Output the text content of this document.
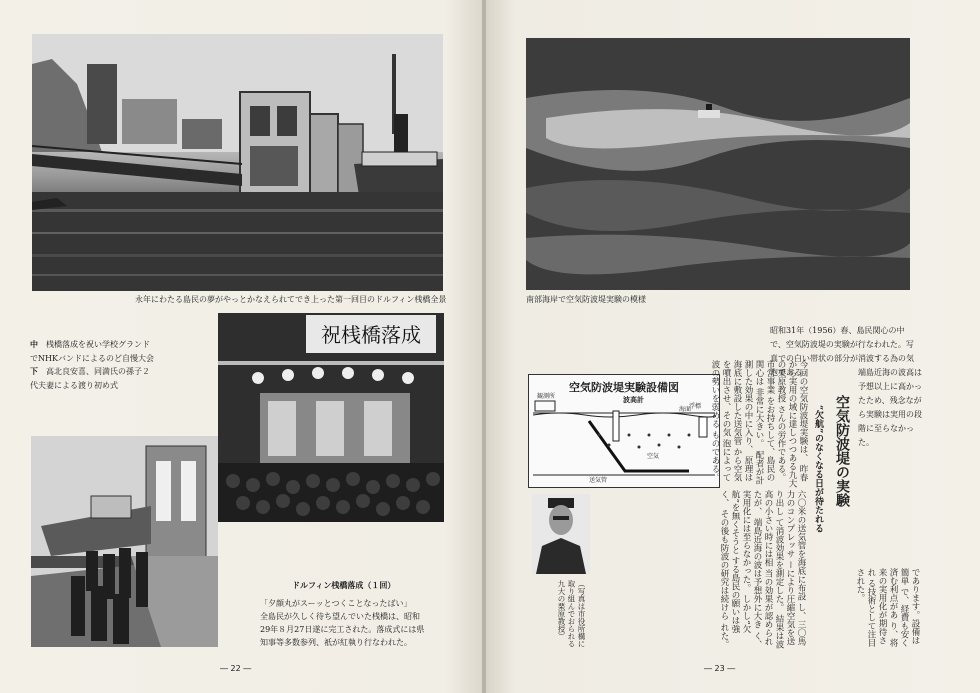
永年にわたる島民の夢がやっとかなえられてでき上った第一回目のドルフィン桟橋全景
中　 桟橋落成を祝い学校グランド
でNHKバンドによるのど自慢大会
下　 高北良安喜、同満氏の孫子２
代夫妻による渡り初め式
祝桟橋落成
ドルフィン桟橋落成（１回）
「夕顔丸がスーッとつくことなったばい」
全島民が久しく待ち望んでいた桟橋は、昭和
29年８月27日遂に完工された。落成式には県
知事等多数参列、祇が紅執り行なわれた。
― 22 ―
南部海岸で空気防波堤実験の模様
昭和31年（1956）春、島民関心の中で、空気防波堤の実験が行なわれた。写真での白い帯状の部分が消波する為の気泡である。	端島近海の波高は予想以上に高かったため、残念ながら実験は実用の段階に至らなかった。
空気防波堤の実験
“欠航”のなくなる日が待たれる
空気防波堤実験設備図
観測所	波高計
浮標
送気管
空気
海面
（写真は市役所構に取り組んでおられる九大の栗原教授）
六〇米の送気管を海底に布設 し、三〇馬力のコンプレッサ ーにより圧縮空気を送り出し て消波効果を測定した。 結果は波高の小さい時には相 当の効果が認められたが、 端島近海の波は予想外に大き く、実用化には至らなかった。 しかし“欠航”を無くそうと する島民の願いは強く、 その後も防波の研究は続けら れた。
今回の空気防波堤実験は、 昨春から実用の域に達しつつある九大の栗原教授 さんの労作である。市営事業 をお持ちして、島民の関心は 非常に大きい。 配者が計測した効果の中に入り、 原理は海底に敷設した送気管 から空気を噴出させ、その気 泡によって波の勢いを弱める ものである。
であります。設備は簡単 で、経費も安く済む利点があ り、将来の実用化が期待され る技術として注目された。
― 23 ―
